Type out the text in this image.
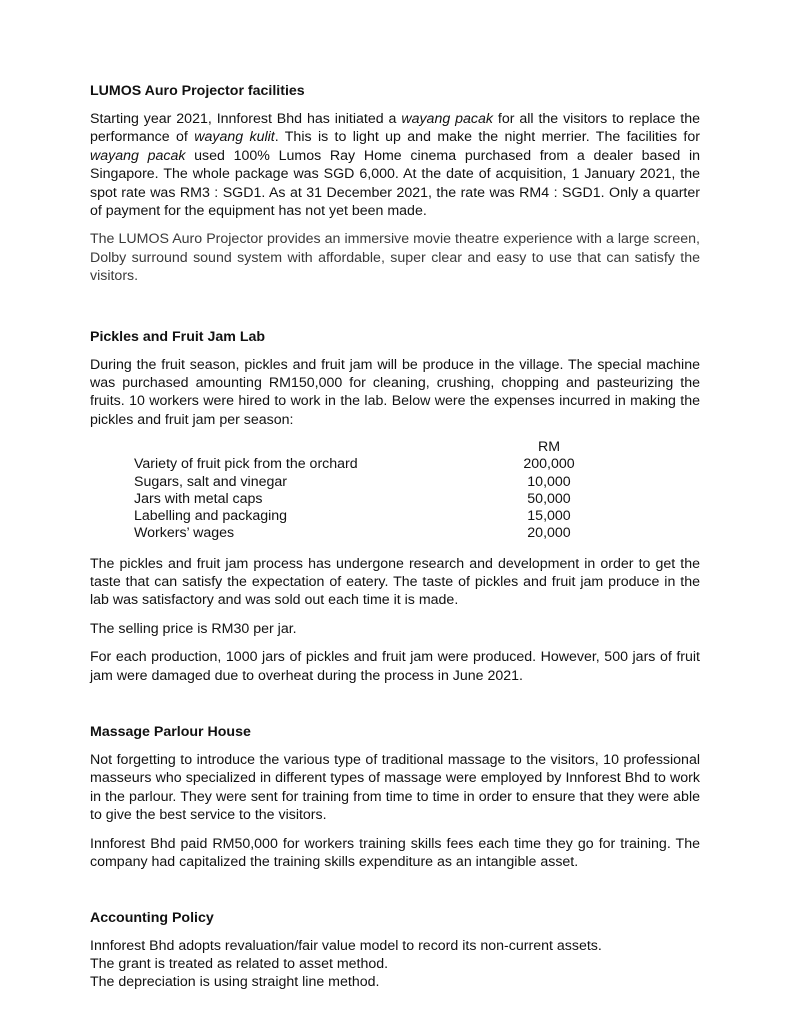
LUMOS Auro Projector facilities

Starting year 2021, Innforest Bhd has initiated a wayang pacak for all the visitors to replace the performance of wayang kulit. This is to light up and make the night merrier. The facilities for wayang pacak used 100% Lumos Ray Home cinema purchased from a dealer based in Singapore. The whole package was SGD 6,000. At the date of acquisition, 1 January 2021, the spot rate was RM3 : SGD1. As at 31 December 2021, the rate was RM4 : SGD1. Only a quarter of payment for the equipment has not yet been made.

The LUMOS Auro Projector provides an immersive movie theatre experience with a large screen, Dolby surround sound system with affordable, super clear and easy to use that can satisfy the visitors.

Pickles and Fruit Jam Lab

During the fruit season, pickles and fruit jam will be produce in the village. The special machine was purchased amounting RM150,000 for cleaning, crushing, chopping and pasteurizing the fruits. 10 workers were hired to work in the lab. Below were the expenses incurred in making the pickles and fruit jam per season:

	RM
Variety of fruit pick from the orchard	200,000
Sugars, salt and vinegar	10,000
Jars with metal caps	50,000
Labelling and packaging	15,000
Workers’ wages	20,000

The pickles and fruit jam process has undergone research and development in order to get the taste that can satisfy the expectation of eatery. The taste of pickles and fruit jam produce in the lab was satisfactory and was sold out each time it is made.

The selling price is RM30 per jar.

For each production, 1000 jars of pickles and fruit jam were produced. However, 500 jars of fruit jam were damaged due to overheat during the process in June 2021.

Massage Parlour House

Not forgetting to introduce the various type of traditional massage to the visitors, 10 professional masseurs who specialized in different types of massage were employed by Innforest Bhd to work in the parlour. They were sent for training from time to time in order to ensure that they were able to give the best service to the visitors.

Innforest Bhd paid RM50,000 for workers training skills fees each time they go for training. The company had capitalized the training skills expenditure as an intangible asset.

Accounting Policy

Innforest Bhd adopts revaluation/fair value model to record its non-current assets.

The grant is treated as related to asset method.

The depreciation is using straight line method.
